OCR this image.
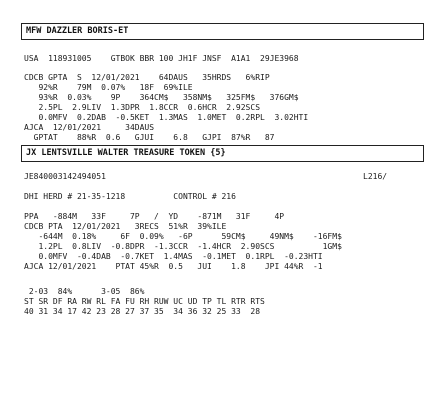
MFW DAZZLER BORIS-ET
USA  118931005    GTBOK BBR 100 JH1F JNSF  A1A1  29JE3968
CDCB GPTA  S  12/01/2021    64DAUS   35HRDS   6%RIP
92%R    79M  0.07%   18F  69%ILE
93%R  0.03%    9P    364CM$   358NM$   325FM$   376GM$
2.5PL  2.9LIV  1.3DPR  1.8CCR  0.6HCR  2.92SCS
0.0MFV  0.2DAB  -0.5KET  1.3MAS  1.0MET  0.2RPL  3.02HTI
AJCA  12/01/2021     34DAUS
GPTAT    88%R  0.6   GJUI    6.8   GJPI  87%R   87
JX LENTSVILLE WALTER TREASURE TOKEN {5}
JE840003142494051	L216/
DHI HERD # 21-35-1218          CONTROL # 216
PPA   -884M   33F     7P   /  YD    -871M   31F     4P
CDCB PTA  12/01/2021   3RECS  51%R  39%ILE
-644M  0.18%     6F  0.09%   -6P      59CM$     49NM$    -16FM$
1.2PL  0.8LIV  -0.8DPR  -1.3CCR  -1.4HCR  2.90SCS          1GM$
0.0MFV  -0.4DAB  -0.7KET  1.4MAS  -0.1MET  0.1RPL  -0.23HTI
AJCA 12/01/2021    PTAT 45%R  0.5   JUI    1.8    JPI 44%R  -1
2-03  84%      3-05  86%
ST SR DF RA RW RL FA FU RH RUW UC UD TP TL RTR RTS
40 31 34 17 42 23 28 27 37 35  34 36 32 25 33  28
